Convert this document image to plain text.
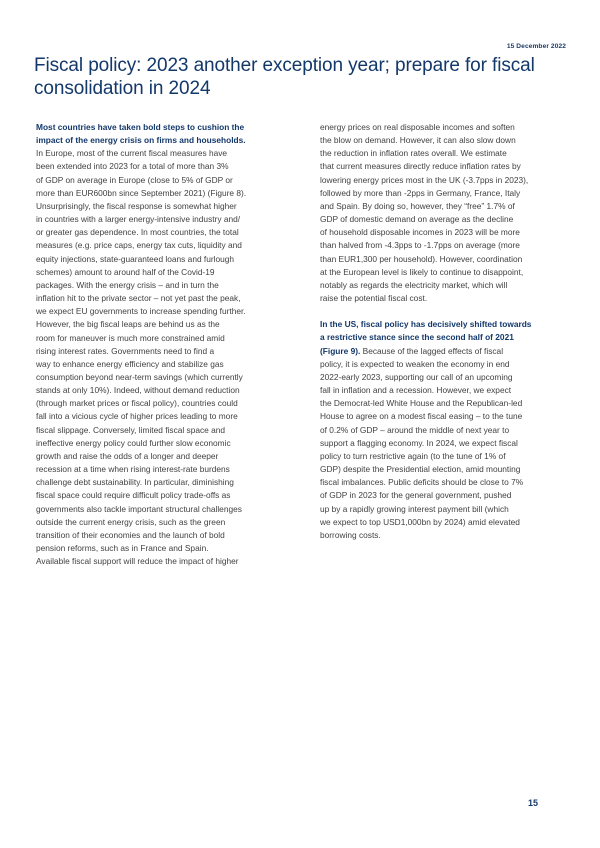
15 December 2022
Fiscal policy: 2023 another exception year; prepare for fiscal consolidation in 2024

Most countries have taken bold steps to cushion the
impact of the energy crisis on firms and households.
In Europe, most of the current fiscal measures have
been extended into 2023 for a total of more than 3%
of GDP on average in Europe (close to 5% of GDP or
more than EUR600bn since September 2021) (Figure 8).
Unsurprisingly, the fiscal response is somewhat higher
in countries with a larger energy-intensive industry and/
or greater gas dependence. In most countries, the total
measures (e.g. price caps, energy tax cuts, liquidity and
equity injections, state-guaranteed loans and furlough
schemes) amount to around half of the Covid-19
packages. With the energy crisis – and in turn the
inflation hit to the private sector – not yet past the peak,
we expect EU governments to increase spending further.
However, the big fiscal leaps are behind us as the
room for maneuver is much more constrained amid
rising interest rates. Governments need to find a
way to enhance energy efficiency and stabilize gas
consumption beyond near-term savings (which currently
stands at only 10%). Indeed, without demand reduction
(through market prices or fiscal policy), countries could
fall into a vicious cycle of higher prices leading to more
fiscal slippage. Conversely, limited fiscal space and
ineffective energy policy could further slow economic
growth and raise the odds of a longer and deeper
recession at a time when rising interest-rate burdens
challenge debt sustainability. In particular, diminishing
fiscal space could require difficult policy trade-offs as
governments also tackle important structural challenges
outside the current energy crisis, such as the green
transition of their economies and the launch of bold
pension reforms, such as in France and Spain.
Available fiscal support will reduce the impact of higher

energy prices on real disposable incomes and soften
the blow on demand. However, it can also slow down
the reduction in inflation rates overall. We estimate
that current measures directly reduce inflation rates by
lowering energy prices most in the UK (-3.7pps in 2023),
followed by more than -2pps in Germany, France, Italy
and Spain. By doing so, however, they “free” 1.7% of
GDP of domestic demand on average as the decline
of household disposable incomes in 2023 will be more
than halved from -4.3pps to -1.7pps on average (more
than EUR1,300 per household). However, coordination
at the European level is likely to continue to disappoint,
notably as regards the electricity market, which will
raise the potential fiscal cost.

In the US, fiscal policy has decisively shifted towards
a restrictive stance since the second half of 2021
(Figure 9). Because of the lagged effects of fiscal
policy, it is expected to weaken the economy in end
2022-early 2023, supporting our call of an upcoming
fall in inflation and a recession. However, we expect
the Democrat-led White House and the Republican-led
House to agree on a modest fiscal easing – to the tune
of 0.2% of GDP – around the middle of next year to
support a flagging economy. In 2024, we expect fiscal
policy to turn restrictive again (to the tune of 1% of
GDP) despite the Presidential election, amid mounting
fiscal imbalances. Public deficits should be close to 7%
of GDP in 2023 for the general government, pushed
up by a rapidly growing interest payment bill (which
we expect to top USD1,000bn by 2024) amid elevated
borrowing costs.

15
